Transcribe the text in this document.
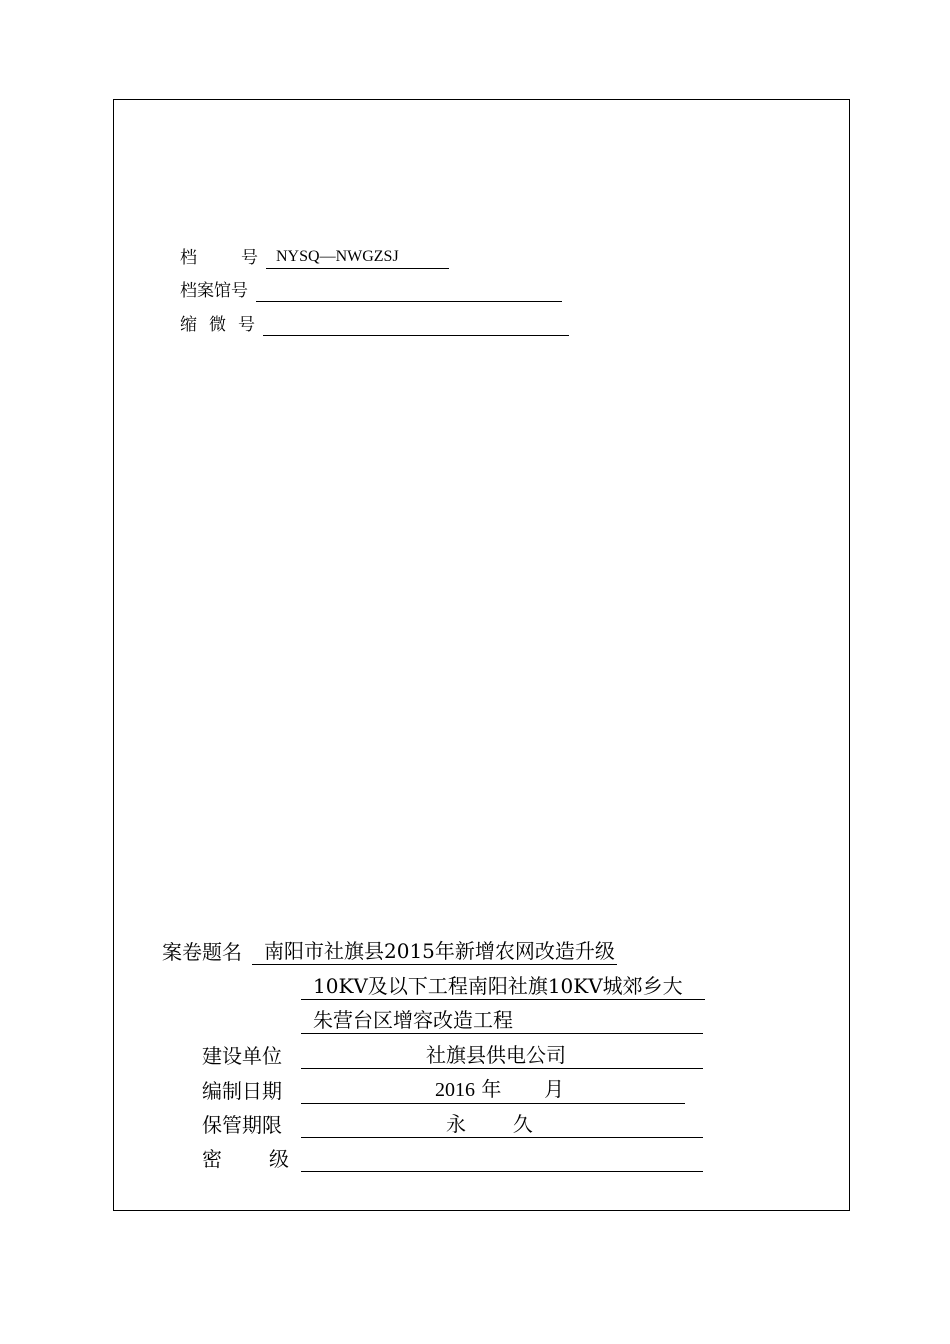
档	号	NYSQ—NWGZSJ
档案馆号
缩 微 号
案卷题名	南阳市社旗县2015年新增农网改造升级
10KV及以下工程南阳社旗10KV城郊乡大
朱营台区增容改造工程
建设单位	社旗县供电公司
编制日期	2016 年 月
保管期限	永 久
密 级
